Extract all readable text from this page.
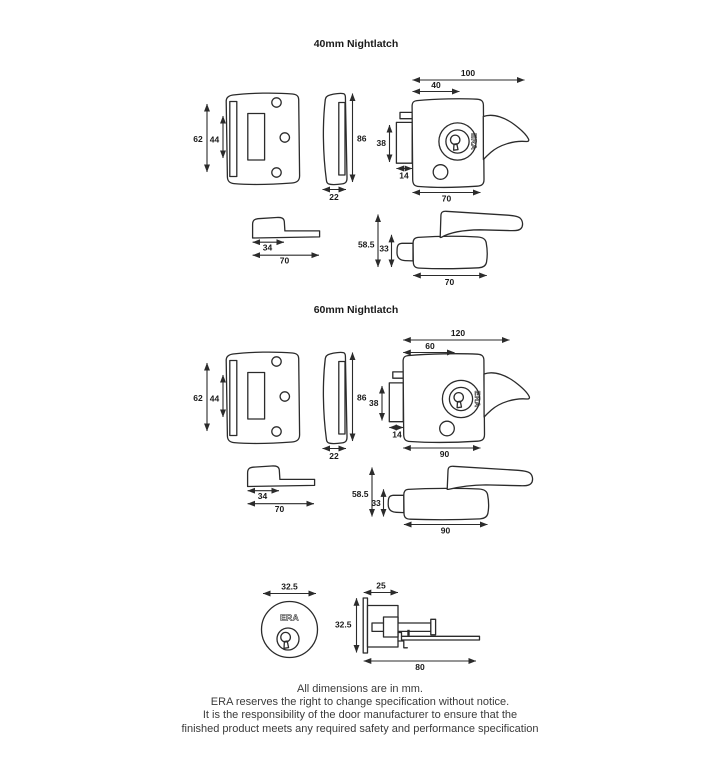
62 44	86
22
ERA
100
40
38
14
70
34
70
58.5 33
70
62 44	86
22
ERA
120
60
38
14
90
34
70
58.5
33
90
ERA
32.5	25
32.5
80
40mm Nightlatch
60mm Nightlatch
All dimensions are in mm.
ERA reserves the right to change specification without notice.
It is the responsibility of the door manufacturer to ensure that the
finished product meets any required safety and performance specification
